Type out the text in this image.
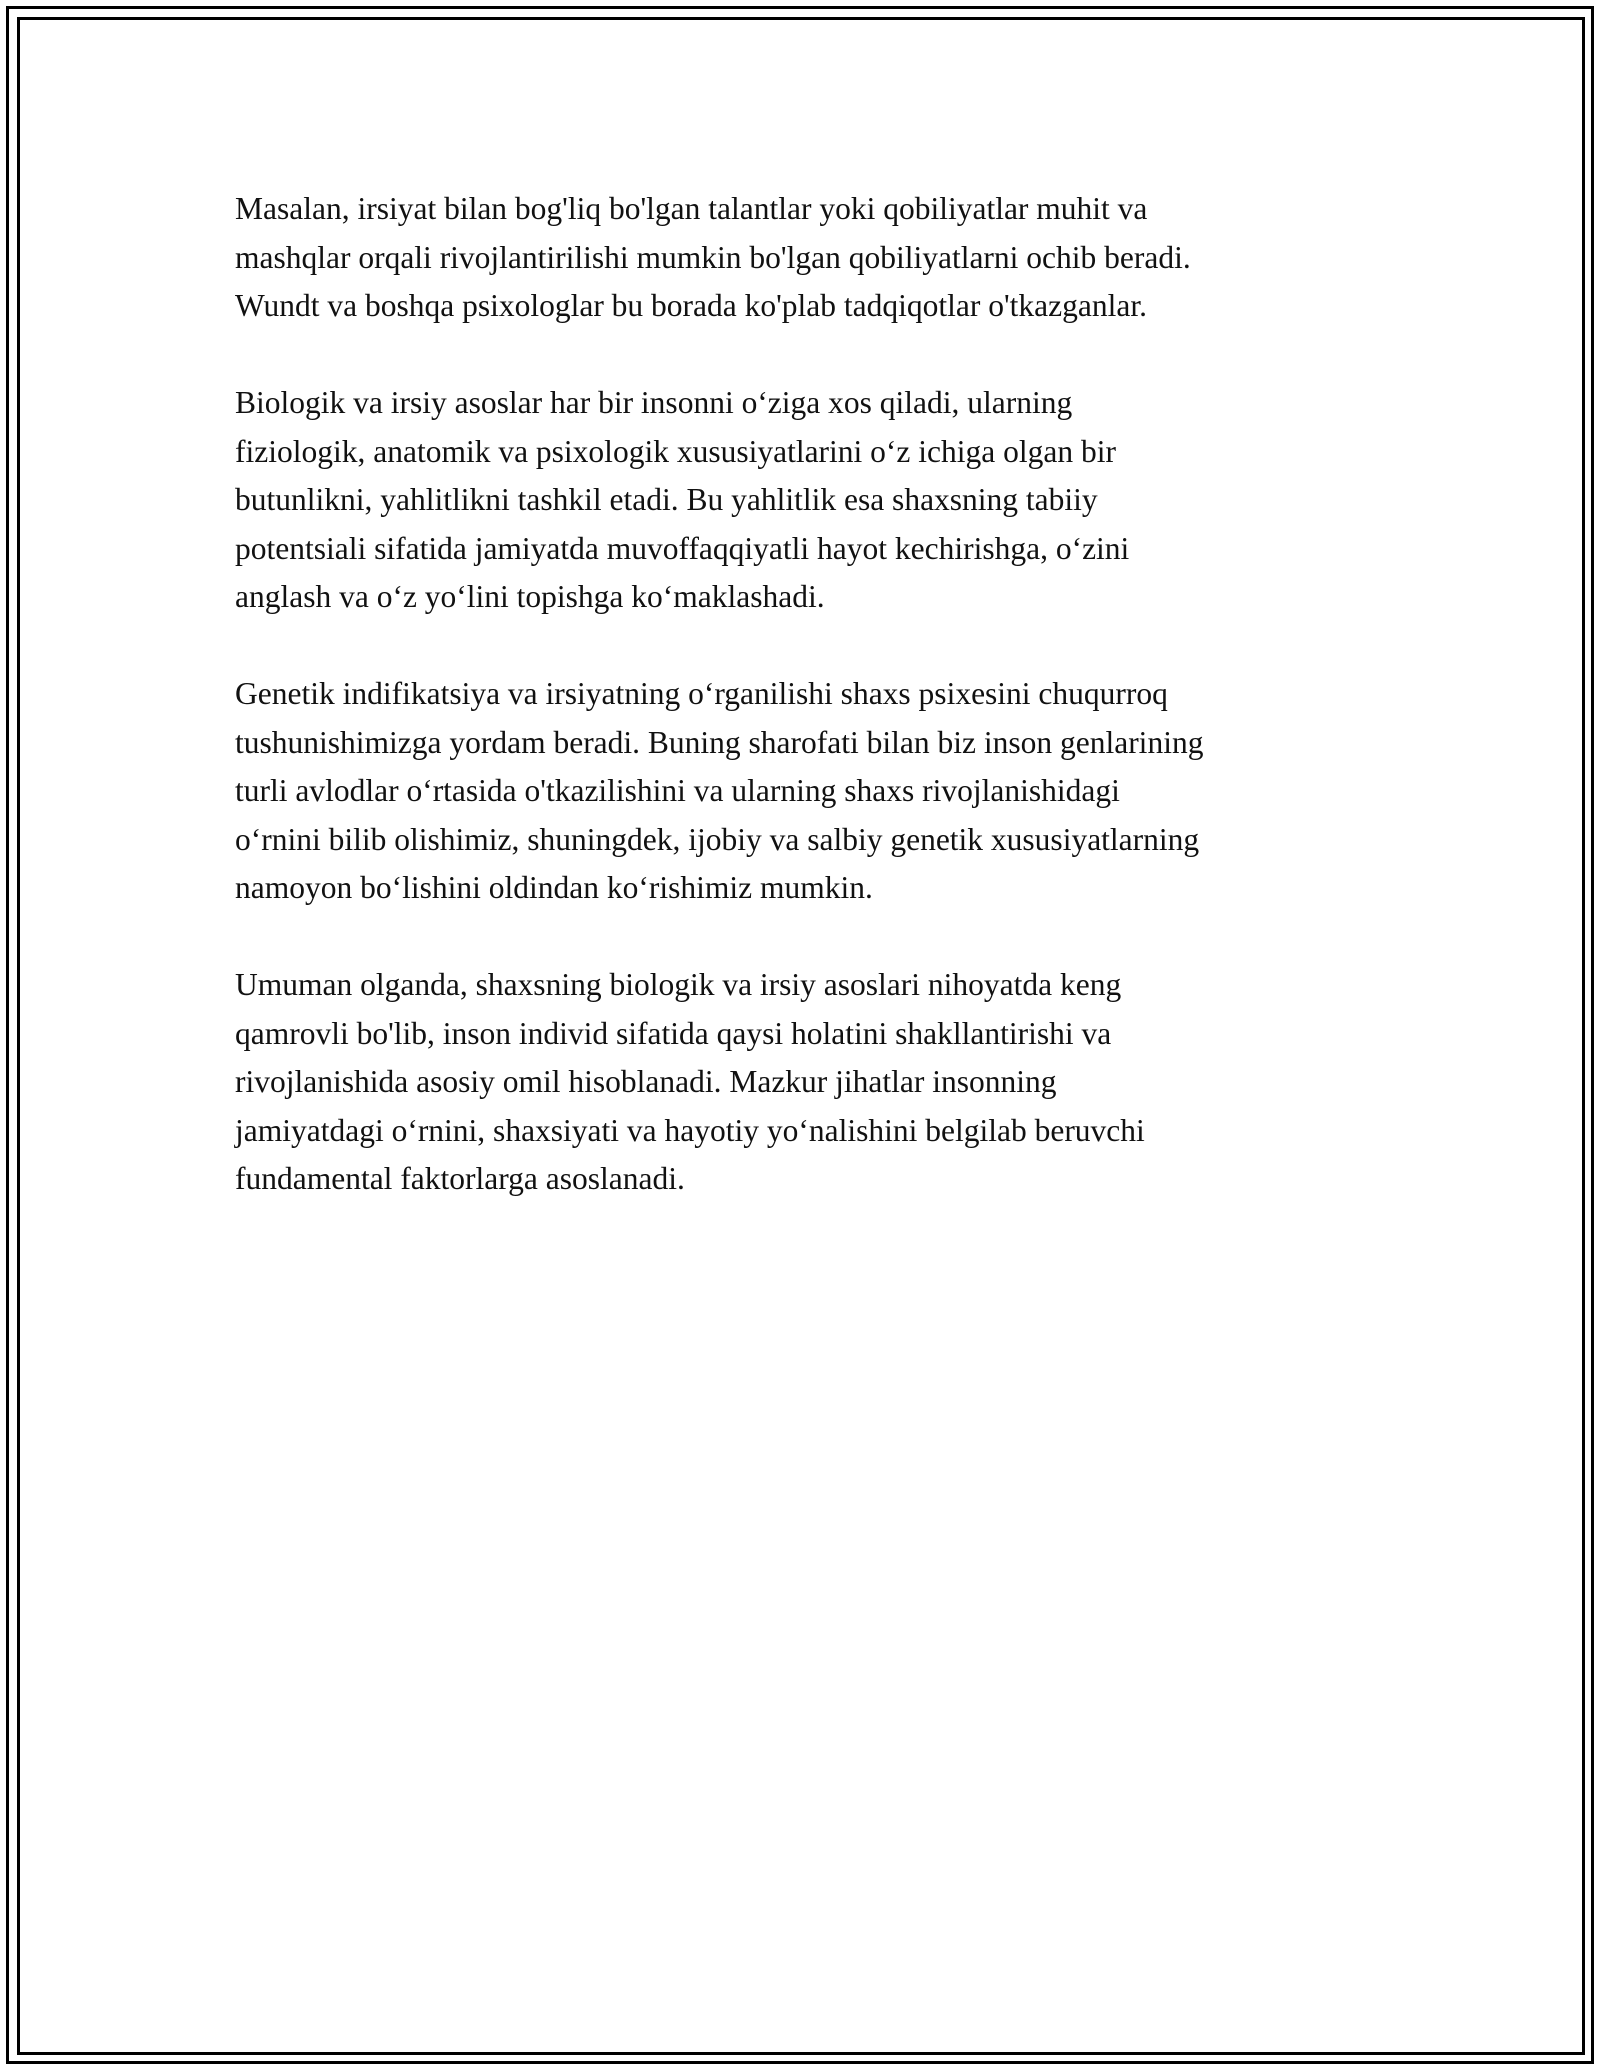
Masalan, irsiyat bilan bog'liq bo'lgan talantlar yoki qobiliyatlar muhit va
mashqlar orqali rivojlantirilishi mumkin bo'lgan qobiliyatlarni ochib beradi.
Wundt va boshqa psixologlar bu borada ko'plab tadqiqotlar o'tkazganlar.
Biologik va irsiy asoslar har bir insonni o‘ziga xos qiladi, ularning
fiziologik, anatomik va psixologik xususiyatlarini o‘z ichiga olgan bir
butunlikni, yahlitlikni tashkil etadi. Bu yahlitlik esa shaxsning tabiiy
potentsiali sifatida jamiyatda muvoffaqqiyatli hayot kechirishga, o‘zini
anglash va o‘z yo‘lini topishga ko‘maklashadi.
Genetik indifikatsiya va irsiyatning o‘rganilishi shaxs psixesini chuqurroq
tushunishimizga yordam beradi. Buning sharofati bilan biz inson genlarining
turli avlodlar o‘rtasida o'tkazilishini va ularning shaxs rivojlanishidagi
o‘rnini bilib olishimiz, shuningdek, ijobiy va salbiy genetik xususiyatlarning
namoyon bo‘lishini oldindan ko‘rishimiz mumkin.
Umuman olganda, shaxsning biologik va irsiy asoslari nihoyatda keng
qamrovli bo'lib, inson individ sifatida qaysi holatini shakllantirishi va
rivojlanishida asosiy omil hisoblanadi. Mazkur jihatlar insonning
jamiyatdagi o‘rnini, shaxsiyati va hayotiy yo‘nalishini belgilab beruvchi
fundamental faktorlarga asoslanadi.
